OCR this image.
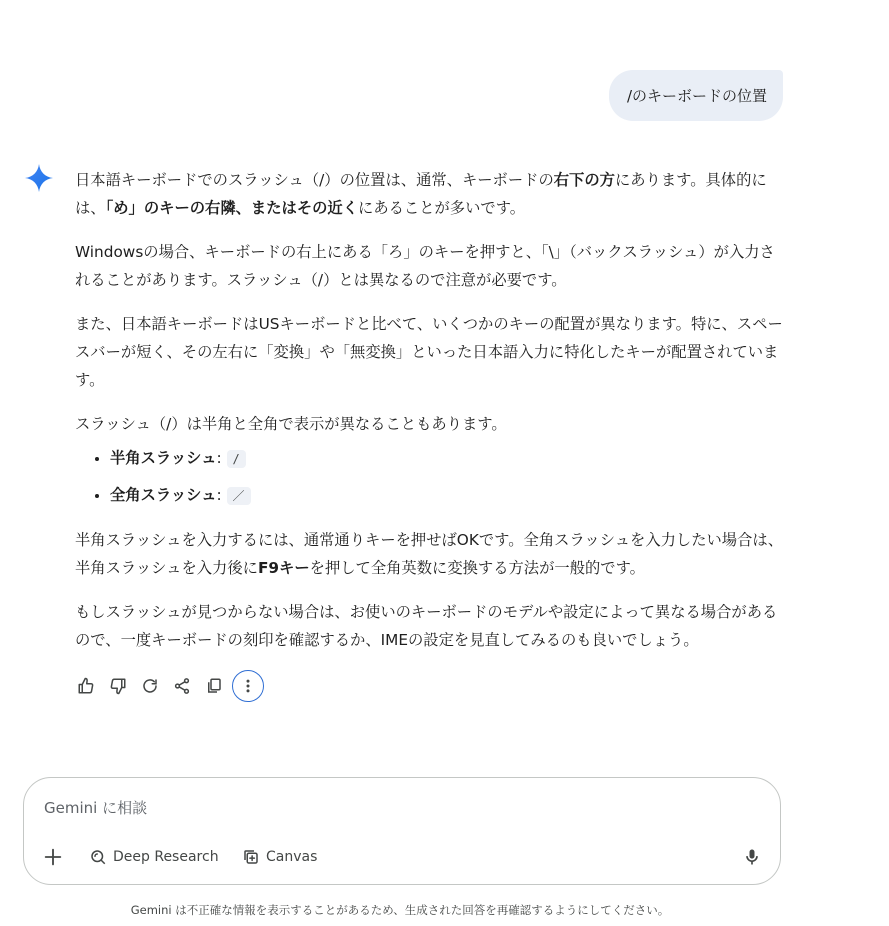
/のキーボードの位置

日本語キーボードでのスラッシュ（/）の位置は、通常、キーボードの右下の方にあります。具体的には、「め」のキーの右隣、またはその近くにあることが多いです。

Windowsの場合、キーボードの右上にある「ろ」のキーを押すと、「\」（バックスラッシュ）が入力されることがあります。スラッシュ（/）とは異なるので注意が必要です。

また、日本語キーボードはUSキーボードと比べて、いくつかのキーの配置が異なります。特に、スペースバーが短く、その左右に「変換」や「無変換」といった日本語入力に特化したキーが配置されています。

スラッシュ（/）は半角と全角で表示が異なることもあります。

• 半角スラッシュ: /
• 全角スラッシュ: ／

半角スラッシュを入力するには、通常通りキーを押せばOKです。全角スラッシュを入力したい場合は、半角スラッシュを入力後にF9キーを押して全角英数に変換する方法が一般的です。

もしスラッシュが見つからない場合は、お使いのキーボードのモデルや設定によって異なる場合があるので、一度キーボードの刻印を確認するか、IMEの設定を見直してみるのも良いでしょう。

Gemini に相談
Deep Research	Canvas
Gemini は不正確な情報を表示することがあるため、生成された回答を再確認するようにしてください。
